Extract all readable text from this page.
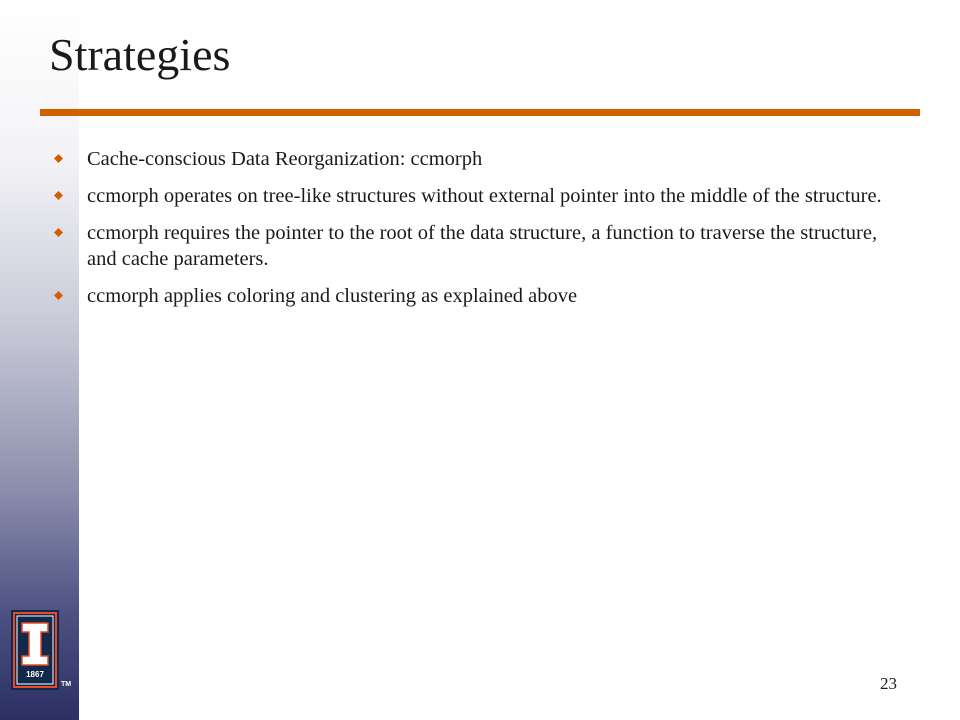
Strategies
Cache-conscious Data Reorganization: ccmorph
ccmorph operates on tree-like structures without external pointer into the middle of the structure.
ccmorph requires the pointer to the root of the data structure, a function to traverse the structure, and cache parameters.
ccmorph applies coloring and clustering as explained above
1867
TM	23
